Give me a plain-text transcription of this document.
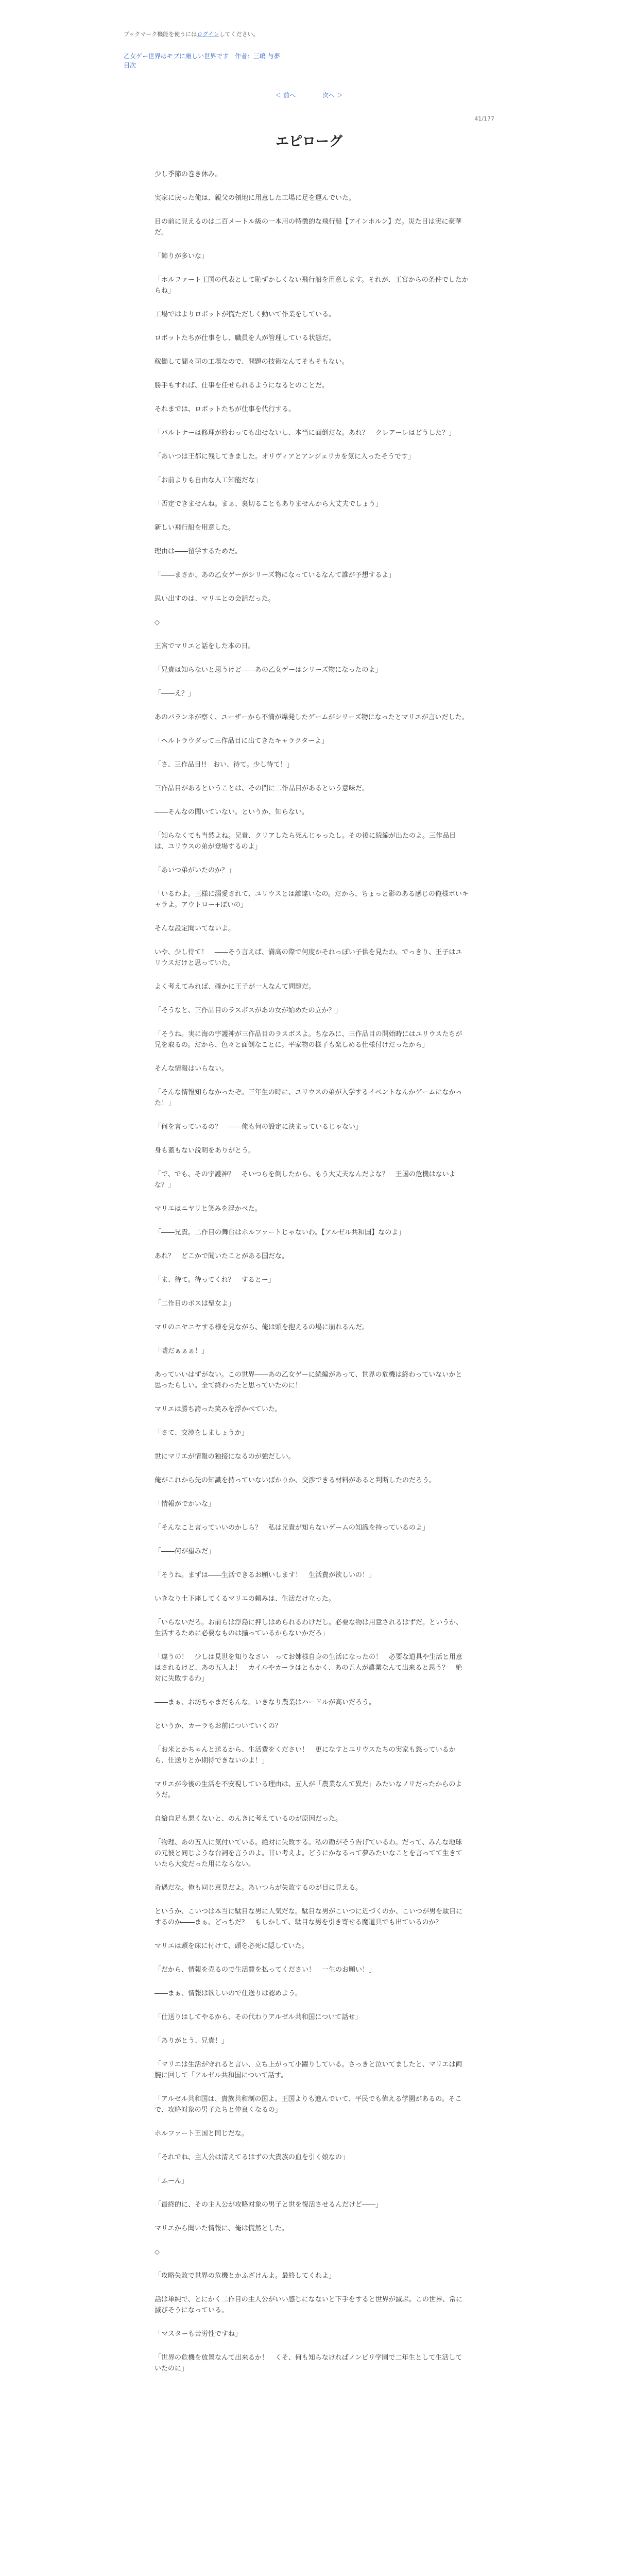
ブックマーク機能を使うにはログインしてください。

乙女ゲー世界はモブに厳しい世界です　 作者：三嶋 与夢
目次
＜ 前へ	次へ ＞
41/177
エピローグ

少し季節の巻き休み。

実家に戻った俺は、親父の領地に用意した工場に足を運んでいた。

目の前に見えるのは二百メートル級の一本用の特徴的な飛行船【アインホルン】だ。災た目は実に豪華だ。

「飾りが多いな」

「ホルファート王国の代表として恥ずかしくない飛行船を用意します。それが、王宮からの条件でしたからね」

工場ではよりロボットが慌ただしく動いて作業をしている。

ロボットたちが仕事をし、職員を人が管理している状態だ。

稼働して間々司の工場なので、問題の技術なんてそもそもない。

勝手もすれば、仕事を任せられるようになるとのことだ。

それまでは、ロボットたちが仕事を代行する。

「バルトナーは修理が終わっても出せないし、本当に面倒だな。あれ？　クレアーレはどうした？」

「あいつは王都に残してきました。オリヴィアとアンジェリカを気に入ったそうです」

「お前よりも自由な人工知能だな」

「否定できませんね。まぁ、裏切ることもありませんから大丈夫でしょう」

新しい飛行船を用意した。

理由は――留学するためだ。

「――まさか、あの乙女ゲーがシリーズ物になっているなんて誰が予想するよ」

思い出すのは、マリエとの会話だった。

◇

王宮でマリエと話をした本の日。

「兄貴は知らないと思うけど――あの乙女ゲーはシリーズ物になったのよ」

「――え？」

あのパランネが察く、ユーザーから不満が爆発したゲームがシリーズ物になったとマリエが言いだした。

「ヘルトラウダって三作品目に出てきたキャラクターよ」

「さ、三作品目!!　おい、待て。少し待て！」

三作品目があるということは、その間に二作品目があるという意味だ。

――そんなの聞いていない。というか、知らない。

「知らなくても当然よね。兄貴、クリアしたら死んじゃったし。その後に続編が出たのよ。三作品目は、ユリウスの弟が登場するのよ」

「あいつ弟がいたのか？」

「いるわよ。王様に溺愛されて、ユリウスとは離違いなの。だから、ちょっと影のある感じの俺様ボいキャラよ。アウトロー+ぽいの」

そんな設定聞いてないよ。

いや、少し待て！　――そう言えば、満高の際で何度かそれっぽい子供を見たわ。でっきり、王子はユリウスだけと思っていた。

よく考えてみれば、確かに王子が一人なんて問題だ。

「そうなと、三作品目のラスボスがあの女が始めたの立か？」

「そうね。実に海の宇護神が三作品目のラスボスよ。ちなみに、三作品目の開始時にはユリウスたちが兄を取るの。だから、色々と面倒なことに。平家物の様子も楽しめる仕様付けだったから」

そんな情報はいらない。

「そんな情報知らなかったぞ。三年生の時に、ユリウスの弟が入学するイベントなんかゲームになかった！」

「何を言っているの？　――俺も何の設定に決まっているじゃない」

身も蓋もない説明をありがとう。

「で、でも、その宇護神？　そいつらを倒したから、もう大丈夫なんだよな？　王国の危機はないよな？」

マリエはニヤリと笑みを浮かべた。

「――兄貴。二作目の舞台はホルファートじゃないわ。【アルゼル共和国】なのよ」

あれ？　どこかで聞いたことがある国だな。

「ま、待て。待ってくれ？　するとー」

「二作目のボスは聖女よ」

マリのニヤニヤする様を見ながら、俺は頭を抱えるの場に崩れるんだ。

「嘘だぁぁぁ！」

あっていいはずがない。この世界――あの乙女ゲーに続編があって、世界の危機は終わっていないかと思ったらしい。全て終わったと思っていたのに！

マリエは勝ち誇った笑みを浮かべていた。

「さて、交渉をしましょうか」

世にマリエが情報の独接になるのが強だしい。

俺がこれから先の知識を持っていないばかりか、交渉できる材料があると判断したのだろう。

「情報がでかいな」

「そんなこと言っていいのかしら？　私は兄貴が知らないゲームの知識を持っているのよ」

「――何が望みだ」

「そうね。まずは――生活できるお願いします！　生活費が欲しいの！」

いきなり土下座してくるマリエの頼みは、生活だけ立った。

「いらないだろ。お前らは浮島に押しはめられるわけだし。必要な物は用意されるはずだ。というか、生活するために必要なものは揃っているからないかだろ」

「違うの！　少しは見世を知りなさい　ってお姉様自身の生活になったの！　必要な道具や生活と用意はされるけど、あの五人よ！　カイルやカーラはともかく、あの五人が農業なんて出来ると思う？　絶対に失敗するわ」

――まぁ、お坊ちゃまだもんな。いきなり農業はハードルが高いだろう。

というか、カーラもお前についていくの？

「お米とかちゃんと送るから、生活費をください！　更になすとユリウスたちの実家も怒っているから、仕送りとか期待できないのよ！」

マリエが今後の生活を不安視している理由は、五人が「農業なんて異だ」みたいなノリだったからのようだ。

自給自足も悪くないと、のんきに考えているのが原因だった。

「物理、あの五人に気付いている。絶対に失敗する。私の勘がそう告げているわ。だって、みんな地球の元彼と同じような台詞を言うのよ。甘い考えよ。どうにかなるって夢みたいなことを言ってて生きていたら大変だった用にならない。

奇遇だな。俺も同じ意見だよ。あいつらが失敗するのが目に見える。

というか、こいつは本当に駄目な男に人気だな。駄目な男がこいつに近づくのか、こいつが男を駄目にするのか――まぁ、どっちだ？　もしかして、駄目な男を引き寄せる魔道具でも出ているのか？

マリエは頭を床に付けて、頭を必死に隠していた。

「だから、情報を売るので生活費を払ってください！　一生のお願い！」

――まぁ、情報は欲しいので仕送りは認めよう。

「仕送りはしてやるから、その代わりアルゼル共和国について話せ」

「ありがとう、兄貴！」

「マリエは生活が守れると言い、立ち上がって小躍りしている。さっきと泣いてましたと、マリエは両腕に回して「アルゼル共和国について話す。

「アルゼル共和国は、貴族共和制の国よ。王国よりも進んでいて、平民でも偉える学園があるの。そこで、攻略対象の男子たちと仲良くなるの」

ホルファート王国と同じだな。

「それでね、主人公は清えてるはずの大貴族の血を引く娘なの」

「ふーん」

「最終的に、その主人公が攻略対象の男子と世を復活させるんだけど――」

マリエから聞いた情報に、俺は慌然とした。

◇

「攻略失敗で世界の危機とかふざけんよ。最終してくれよ」

話は単純で、とにかく二作目の主人公がいい感じになないと下手をすると世界が滅ぶ。この世界、常に滅びそうになっている。

「マスターも苦労性ですね」

「世界の危機を放置なんて出来るか！　くそ、何も知らなければノンビリ学園で二年生として生活していたのに」
